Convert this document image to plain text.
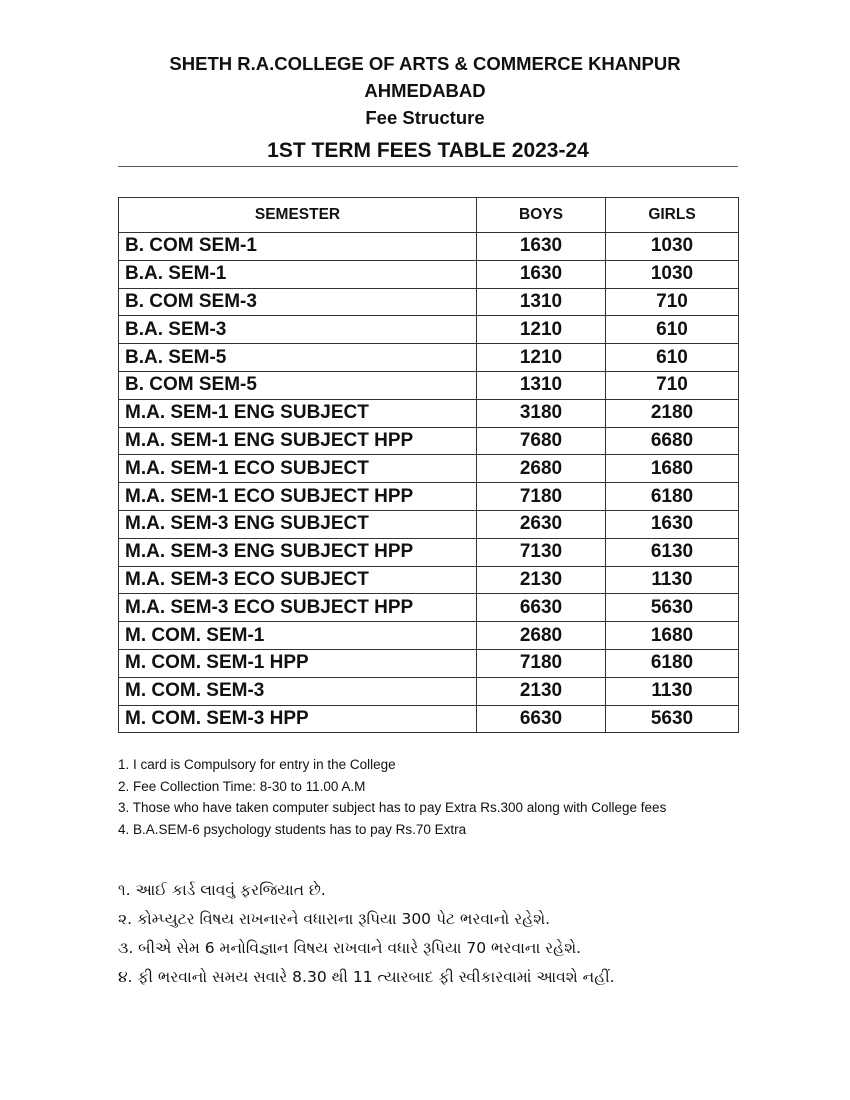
SHETH R.A.COLLEGE OF ARTS & COMMERCE KHANPUR
AHMEDABAD
Fee Structure
1ST TERM FEES TABLE 2023-24
SEMESTER	BOYS	GIRLS
B. COM SEM-1	1630	1030
B.A. SEM-1	1630	1030
B. COM SEM-3	1310	710
B.A. SEM-3	1210	610
B.A. SEM-5	1210	610
B. COM SEM-5	1310	710
M.A. SEM-1 ENG SUBJECT	3180	2180
M.A. SEM-1 ENG SUBJECT HPP	7680	6680
M.A. SEM-1 ECO SUBJECT	2680	1680
M.A. SEM-1 ECO SUBJECT HPP	7180	6180
M.A. SEM-3 ENG SUBJECT	2630	1630
M.A. SEM-3 ENG SUBJECT HPP	7130	6130
M.A. SEM-3 ECO SUBJECT	2130	1130
M.A. SEM-3 ECO SUBJECT HPP	6630	5630
M. COM. SEM-1	2680	1680
M. COM. SEM-1 HPP	7180	6180
M. COM. SEM-3	2130	1130
M. COM. SEM-3 HPP	6630	5630
1. I card is Compulsory for entry in the College
2. Fee Collection Time: 8-30 to 11.00 A.M
3. Those who have taken computer subject has to pay Extra Rs.300 along with College fees
4. B.A.SEM-6 psychology students has to pay Rs.70 Extra
૧. આઈ કાર્ડ લાવવું ફરજિયાત છે.
૨. કોમ્પ્યુટર વિષય રાખનારને વધારાના રૂપિયા 300 પેટ ભરવાનો રહેશે.
૩. બીએ સેમ 6 મનોવિજ્ઞાન વિષય રાખવાને વધારે રૂપિયા 70 ભરવાના રહેશે.
૪. ફી ભરવાનો સમય સવારે 8.30 થી 11 ત્યારબાદ ફી સ્વીકારવામાં આવશે નહીં.
